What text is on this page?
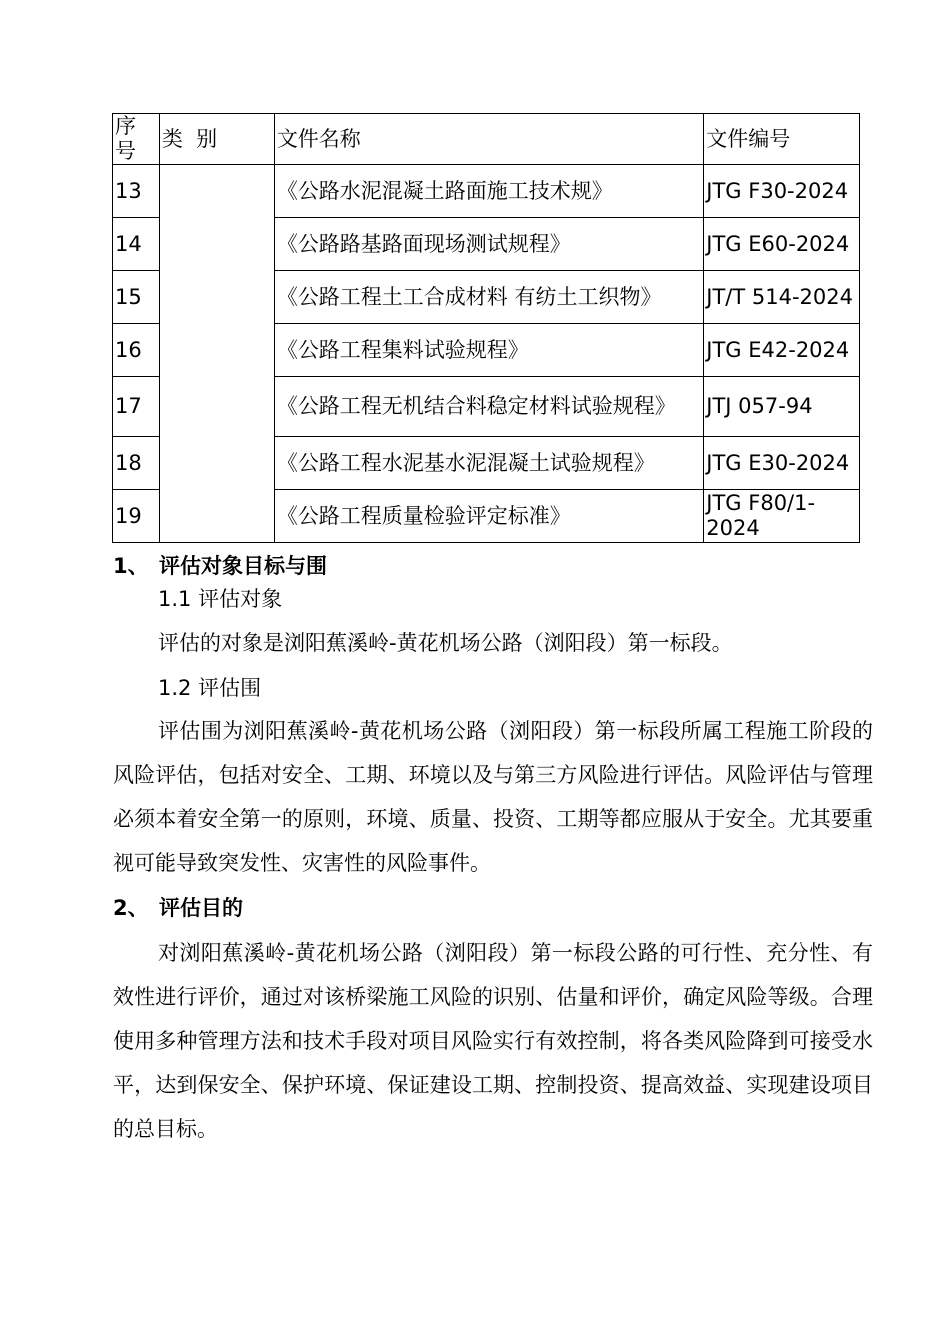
序号	类  别	文件名称	文件编号
13		《公路水泥混凝土路面施工技术规》	JTG F30-2024
14		《公路路基路面现场测试规程》	JTG E60-2024
15		《公路工程土工合成材料 有纺土工织物》	JT/T 514-2024
16		《公路工程集料试验规程》	JTG E42-2024
17		《公路工程无机结合料稳定材料试验规程》	JTJ 057-94
18		《公路工程水泥基水泥混凝土试验规程》	JTG E30-2024
19		《公路工程质量检验评定标准》	JTG F80/1-2024
1、 评估对象目标与围
1.1 评估对象
评估的对象是浏阳蕉溪岭-黄花机场公路（浏阳段）第一标段。
1.2 评估围
评估围为浏阳蕉溪岭-黄花机场公路（浏阳段）第一标段所属工程施工阶段的风险评估，包括对安全、工期、环境以及与第三方风险进行评估。风险评估与管理必须本着安全第一的原则，环境、质量、投资、工期等都应服从于安全。尤其要重视可能导致突发性、灾害性的风险事件。
2、 评估目的
对浏阳蕉溪岭-黄花机场公路（浏阳段）第一标段公路的可行性、充分性、有效性进行评价，通过对该桥梁施工风险的识别、估量和评价，确定风险等级。合理使用多种管理方法和技术手段对项目风险实行有效控制，将各类风险降到可接受水平，达到保安全、保护环境、保证建设工期、控制投资、提高效益、实现建设项目的总目标。
